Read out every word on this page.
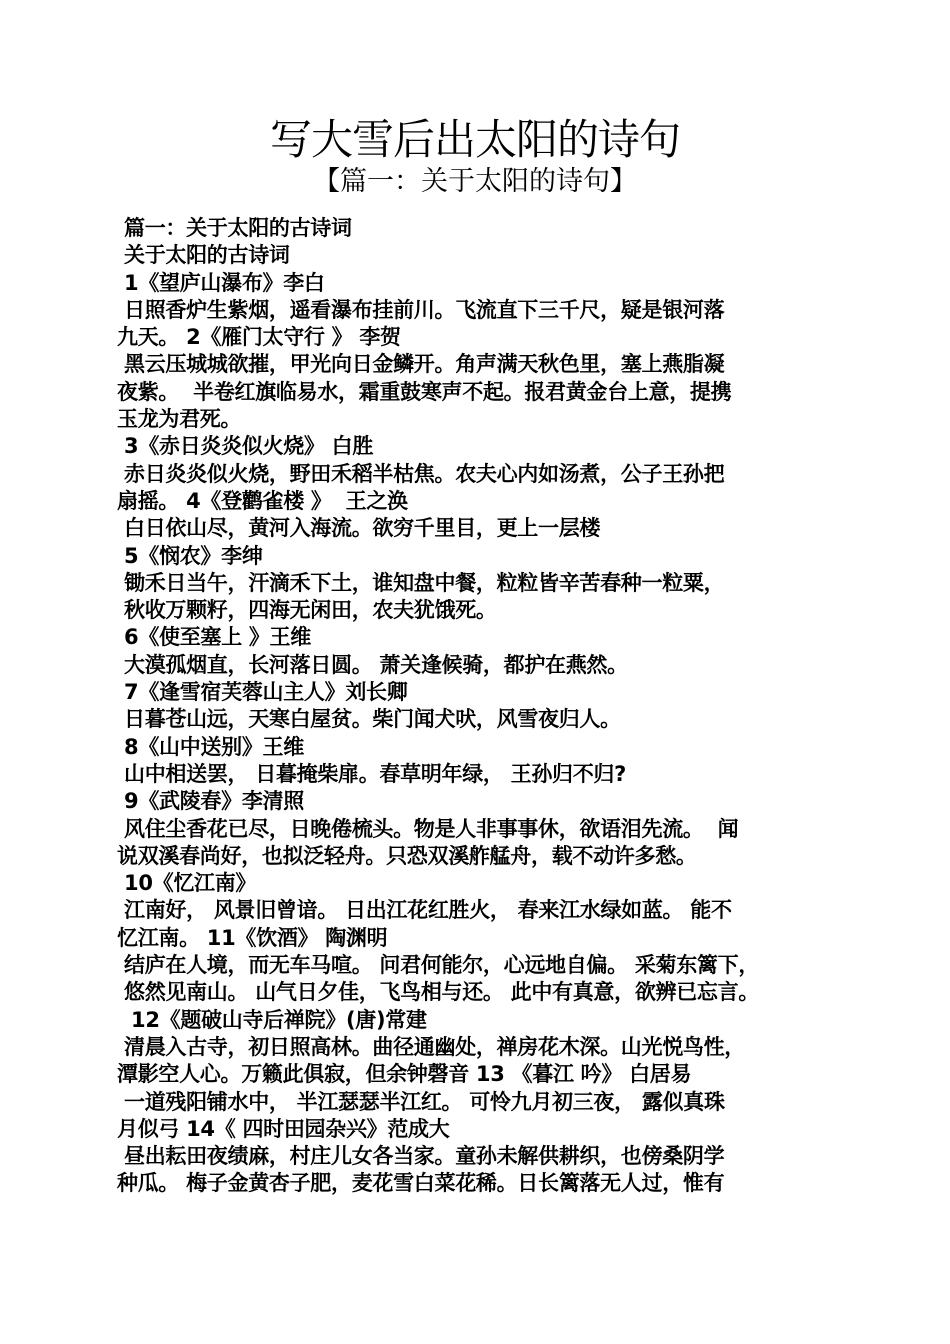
写大雪后出太阳的诗句
【篇一：关于太阳的诗句】
篇一：关于太阳的古诗词
关于太阳的古诗词
1《望庐山瀑布》李白
日照香炉生紫烟，遥看瀑布挂前川。飞流直下三千尺，疑是银河落
九天。 2《雁门太守行 》 李贺
黑云压城城欲摧，甲光向日金鳞开。角声满天秋色里，塞上燕脂凝
夜紫。  半卷红旗临易水，霜重鼓寒声不起。报君黄金台上意，提携
玉龙为君死。
3《赤日炎炎似火烧》 白胜
赤日炎炎似火烧，野田禾稻半枯焦。农夫心内如汤煮，公子王孙把
扇摇。 4《登鹳雀楼 》  王之涣
白日依山尽，黄河入海流。欲穷千里目，更上一层楼
5《悯农》李绅
锄禾日当午，汗滴禾下土，谁知盘中餐，粒粒皆辛苦春种一粒粟，
秋收万颗籽，四海无闲田，农夫犹饿死。
6《使至塞上 》王维
大漠孤烟直，长河落日圆。 萧关逢候骑，都护在燕然。
7《逢雪宿芙蓉山主人》刘长卿
日暮苍山远，天寒白屋贫。柴门闻犬吠，风雪夜归人。
8《山中送别》王维
山中相送罢， 日暮掩柴扉。春草明年绿， 王孙归不归?
9《武陵春》李清照
风住尘香花已尽，日晚倦梳头。物是人非事事休，欲语泪先流。  闻
说双溪春尚好，也拟泛轻舟。只恐双溪舴艋舟，载不动许多愁。
10《忆江南》
江南好， 风景旧曾谙。 日出江花红胜火， 春来江水绿如蓝。 能不
忆江南。 11《饮酒》 陶渊明
结庐在人境，而无车马喧。 问君何能尔，心远地自偏。 采菊东篱下，
悠然见南山。 山气日夕佳，飞鸟相与还。 此中有真意，欲辨已忘言。
12《题破山寺后禅院》(唐)常建
清晨入古寺，初日照高林。曲径通幽处，禅房花木深。山光悦鸟性，
潭影空人心。万籁此俱寂，但余钟磬音 13 《暮江 吟》 白居易
一道残阳铺水中， 半江瑟瑟半江红。 可怜九月初三夜， 露似真珠
月似弓 14《 四时田园杂兴》范成大
昼出耘田夜绩麻，村庄儿女各当家。童孙未解供耕织，也傍桑阴学
种瓜。 梅子金黄杏子肥，麦花雪白菜花稀。日长篱落无人过，惟有
